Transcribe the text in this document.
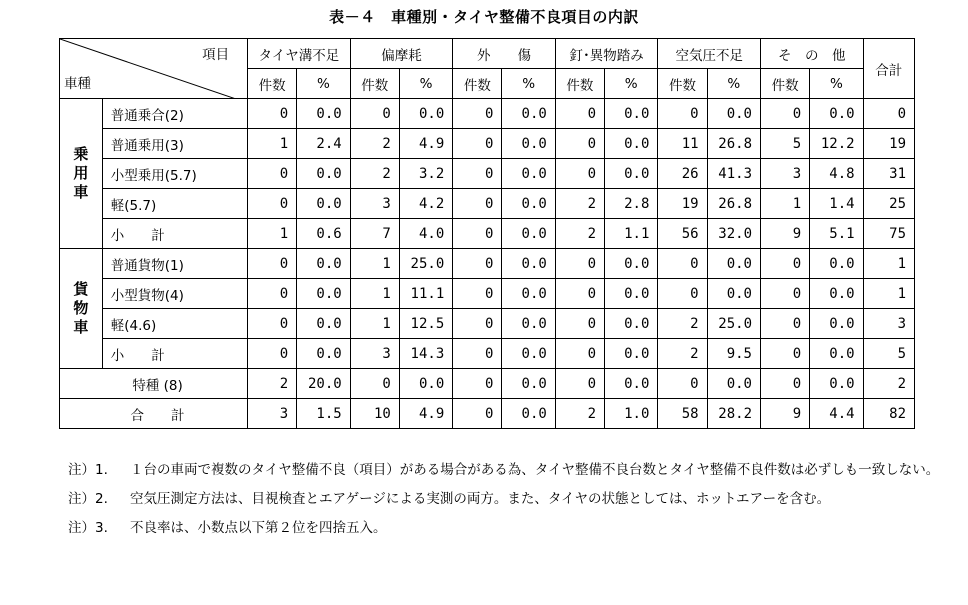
表－４　車種別・タイヤ整備不良項目の内訳
項目
車種		タイヤ溝不足		偏摩耗		外　　傷		釘･異物踏み		空気圧不足		そ　の　他		合計
		件数	%	件数	%	件数	%	件数	%	件数	%	件数	%	

乗
用
車	普通乗合(2)	0	0.0	0	0.0	0	0.0	0	0.0	0	0.0	0	0.0	0
	普通乗用(3)	1	2.4	2	4.9	0	0.0	0	0.0	11	26.8	5	12.2	19
	小型乗用(5.7)	0	0.0	2	3.2	0	0.0	0	0.0	26	41.3	3	4.8	31
	軽(5.7)	0	0.0	3	4.2	0	0.0	2	2.8	19	26.8	1	1.4	25
	小　　計	1	0.6	7	4.0	0	0.0	2	1.1	56	32.0	9	5.1	75

貨
物
車	普通貨物(1)	0	0.0	1	25.0	0	0.0	0	0.0	0	0.0	0	0.0	1
	小型貨物(4)	0	0.0	1	11.1	0	0.0	0	0.0	0	0.0	0	0.0	1
	軽(4.6)	0	0.0	1	12.5	0	0.0	0	0.0	2	25.0	0	0.0	3
	小　　計	0	0.0	3	14.3	0	0.0	0	0.0	2	9.5	0	0.0	5
特種 (8)		2	20.0	0	0.0	0	0.0	0	0.0	0	0.0	0	0.0	2
合　　計		3	1.5	10	4.9	0	0.0	2	1.0	58	28.2	9	4.4	82
注）1. １台の車両で複数のタイヤ整備不良（項目）がある場合がある為、タイヤ整備不良台数とタイヤ整備不良件数は必ずしも一致しない。
注）2. 空気圧測定方法は、目視検査とエアゲージによる実測の両方。また、タイヤの状態としては、ホットエアーを含む。
注）3. 不良率は、小数点以下第２位を四捨五入。
